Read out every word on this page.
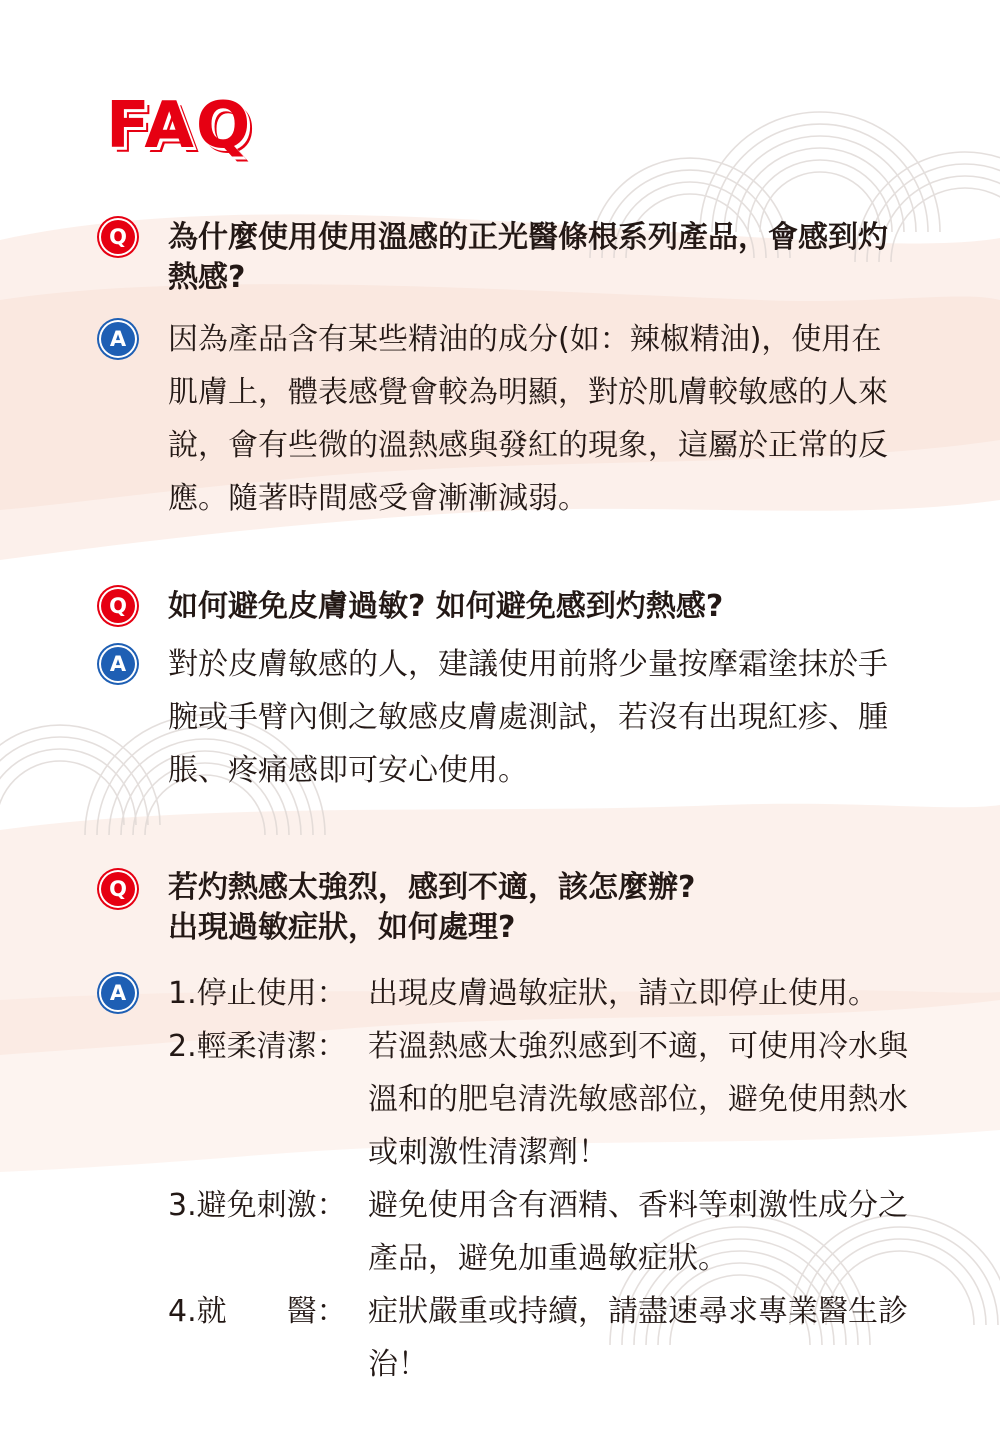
FAQ
Q 為什麼使用使用溫感的正光醫條根系列產品，會感到灼熱感?
A 因為產品含有某些精油的成分(如：辣椒精油)，使用在肌膚上，體表感覺會較為明顯，對於肌膚較敏感的人來說，會有些微的溫熱感與發紅的現象，這屬於正常的反應。隨著時間感受會漸漸減弱。
Q 如何避免皮膚過敏? 如何避免感到灼熱感?
A 對於皮膚敏感的人，建議使用前將少量按摩霜塗抹於手腕或手臂內側之敏感皮膚處測試，若沒有出現紅疹、腫脹、疼痛感即可安心使用。
Q 若灼熱感太強烈，感到不適，該怎麼辦?
出現過敏症狀，如何處理?
A 1.停止使用： 出現皮膚過敏症狀，請立即停止使用。
2.輕柔清潔： 若溫熱感太強烈感到不適，可使用冷水與溫和的肥皂清洗敏感部位，避免使用熱水或刺激性清潔劑！
3.避免刺激： 避免使用含有酒精、香料等刺激性成分之產品，避免加重過敏症狀。
4.就　　醫： 症狀嚴重或持續，請盡速尋求專業醫生診治！
